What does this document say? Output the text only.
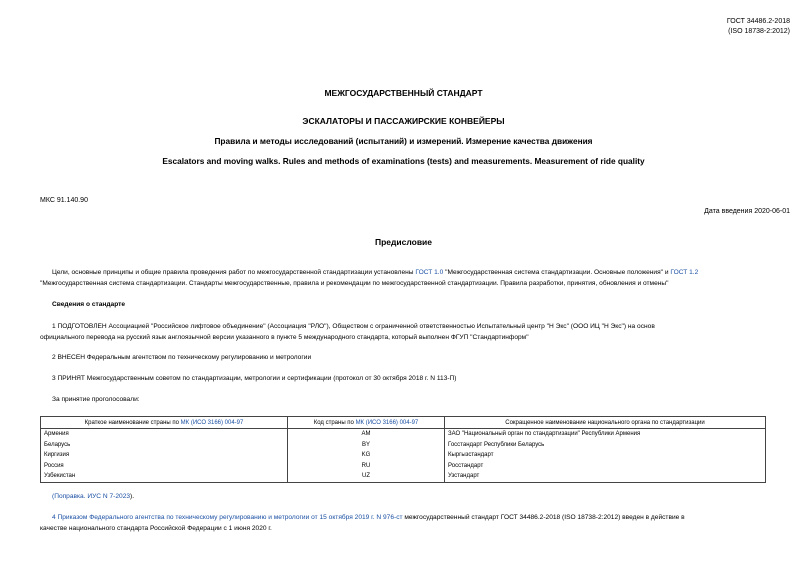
ГОСТ 34486.2-2018
(ISO 18738-2:2012)
МЕЖГОСУДАРСТВЕННЫЙ СТАНДАРТ
ЭСКАЛАТОРЫ И ПАССАЖИРСКИЕ КОНВЕЙЕРЫ
Правила и методы исследований (испытаний) и измерений. Измерение качества движения
Escalators and moving walks. Rules and methods of examinations (tests) and measurements. Measurement of ride quality
МКС 91.140.90
Дата введения 2020-06-01
Предисловие
Цели, основные принципы и общие правила проведения работ по межгосударственной стандартизации установлены ГОСТ 1.0 "Межгосударственная система стандартизации. Основные положения" и ГОСТ 1.2
"Межгосударственная система стандартизации. Стандарты межгосударственные, правила и рекомендации по межгосударственной стандартизации. Правила разработки, принятия, обновления и отмены"
Сведения о стандарте
1 ПОДГОТОВЛЕН Ассоциацией "Российское лифтовое объединение" (Ассоциация "РЛО"), Обществом с ограниченной ответственностью Испытательный центр "Н Экс" (ООО ИЦ "Н Экс") на основ
официального перевода на русский язык англоязычной версии указанного в пункте 5 международного стандарта, который выполнен ФГУП "Стандартинформ"
2 ВНЕСЕН Федеральным агентством по техническому регулированию и метрологии
3 ПРИНЯТ Межгосударственным советом по стандартизации, метрологии и сертификации (протокол от 30 октября 2018 г. N 113-П)
За принятие проголосовали:
Краткое наименование страны по МК (ИСО 3166) 004-97	Код страны по МК (ИСО 3166) 004-97	Сокращенное наименование национального органа по стандартизации
Армения	AM	ЗАО "Национальный орган по стандартизации" Республики Армения
Беларусь	BY	Госстандарт Республики Беларусь
Киргизия	KG	Кыргызстандарт
Россия	RU	Росстандарт
Узбекистан	UZ	Узстандарт
(Поправка. ИУС N 7-2023).
4 Приказом Федерального агентства по техническому регулированию и метрологии от 15 октября 2019 г. N 976-ст межгосударственный стандарт ГОСТ 34486.2-2018 (ISO 18738-2:2012) введен в действие в
качестве национального стандарта Российской Федерации с 1 июня 2020 г.
